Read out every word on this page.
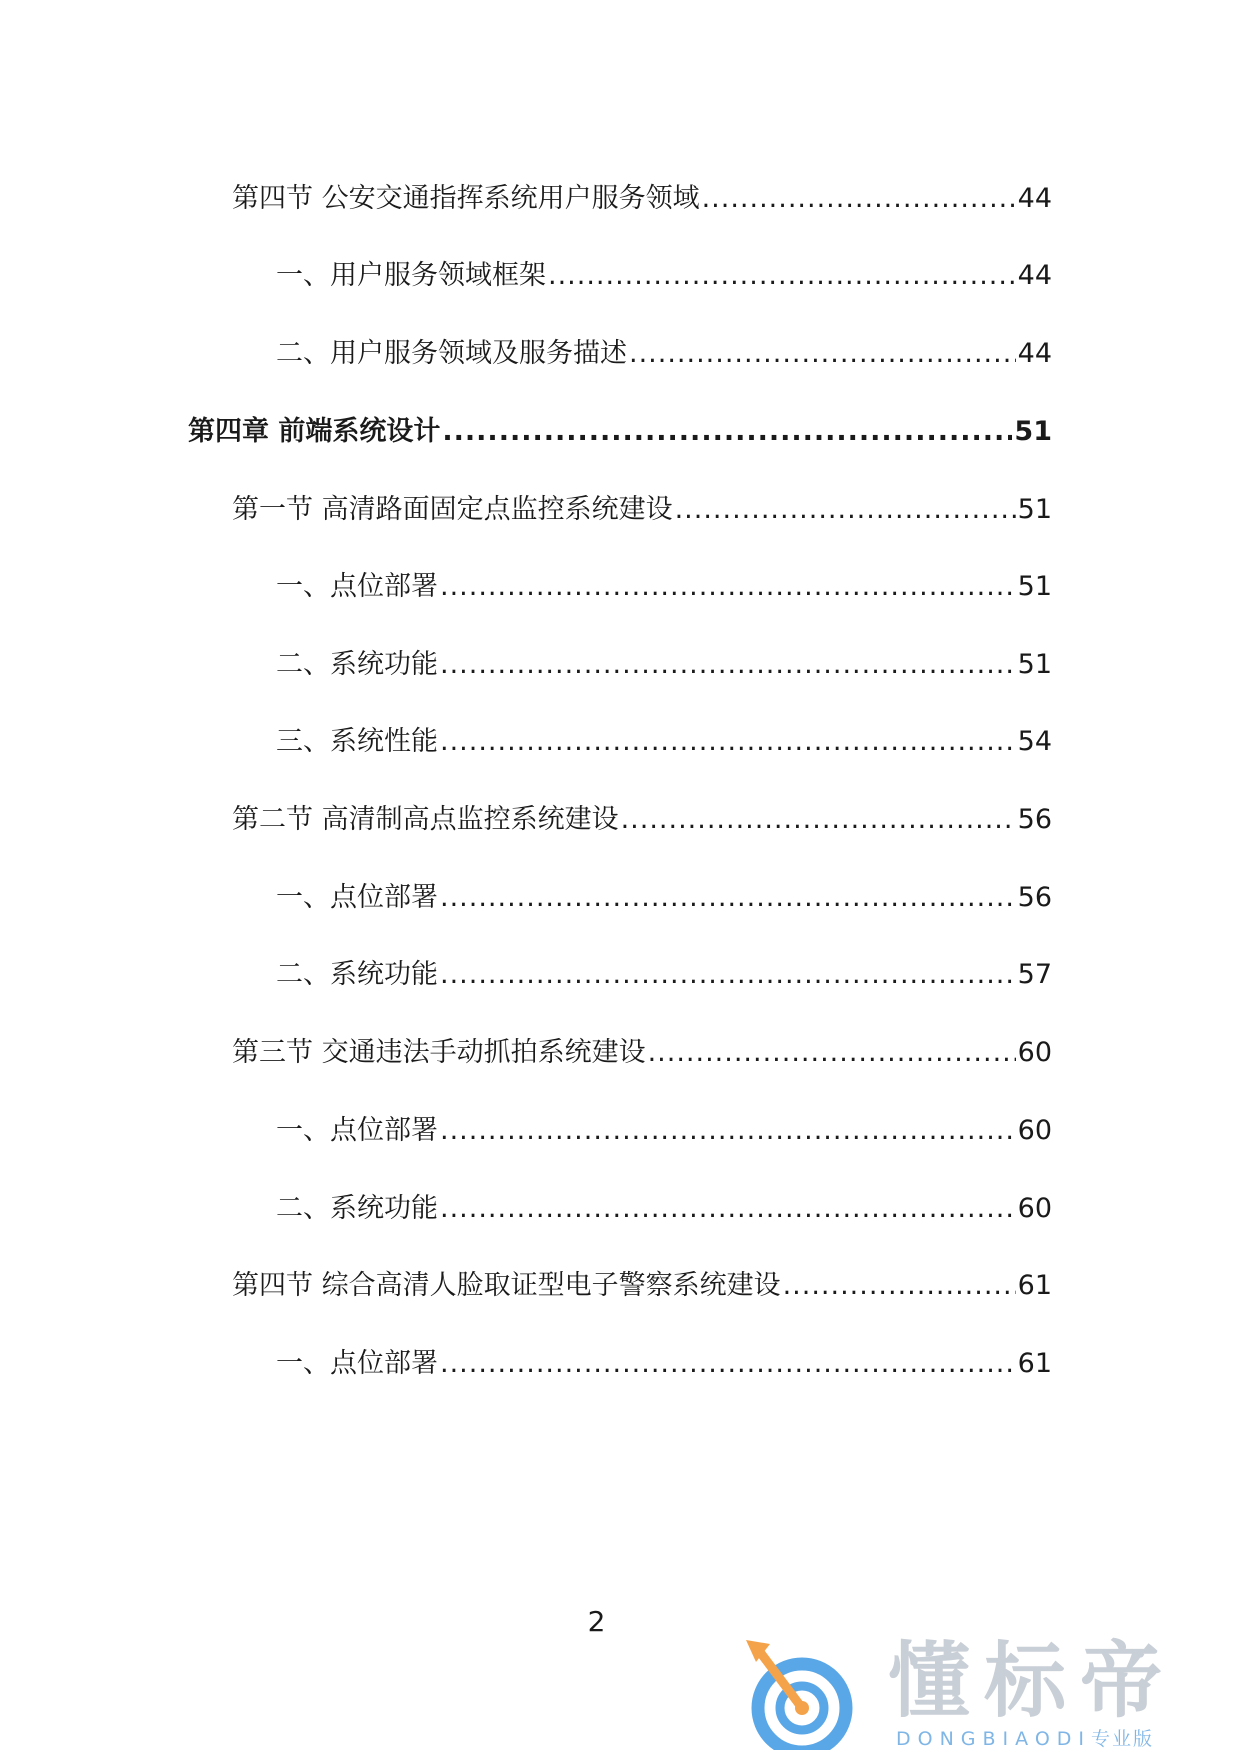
第四节 公安交通指挥系统用户服务领域 .....	44
一、用户服务领域框架 .....	44
二、用户服务领域及服务描述 .....	44
第四章 前端系统设计 .....	51
第一节 高清路面固定点监控系统建设 .....	51
一、点位部署 .....	51
二、系统功能 .....	51
三、系统性能 .....	54
第二节 高清制高点监控系统建设 .....	56
一、点位部署 .....	56
二、系统功能 .....	57
第三节 交通违法手动抓拍系统建设 .....	60
一、点位部署 .....	60
二、系统功能 .....	60
第四节 综合高清人脸取证型电子警察系统建设 .....	61
一、点位部署 .....	61
2
懂标帝
DONGBIAODI专业版
